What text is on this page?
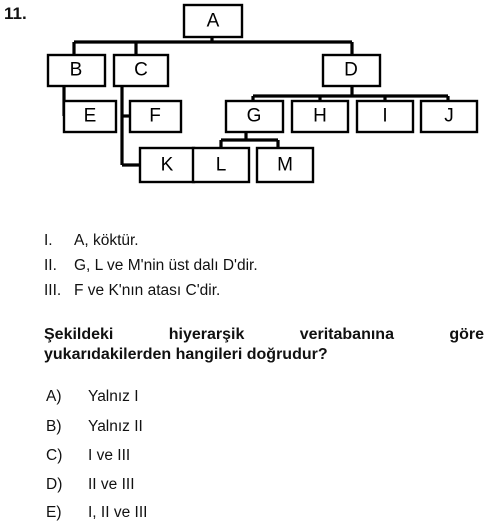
11.	A
B	C	D
E	F	G	H	I	J
K L	M
I. A, köktür.
II. G, L ve M'nin üst dalı D'dir.
III. F ve K'nın atası C'dir.
Şekildeki	hiyerarşik	veritabanına	göre
yukarıdakilerden hangileri doğrudur?
A) Yalnız I
B) Yalnız II
C) I ve III
D) II ve III
E) I, II ve III
